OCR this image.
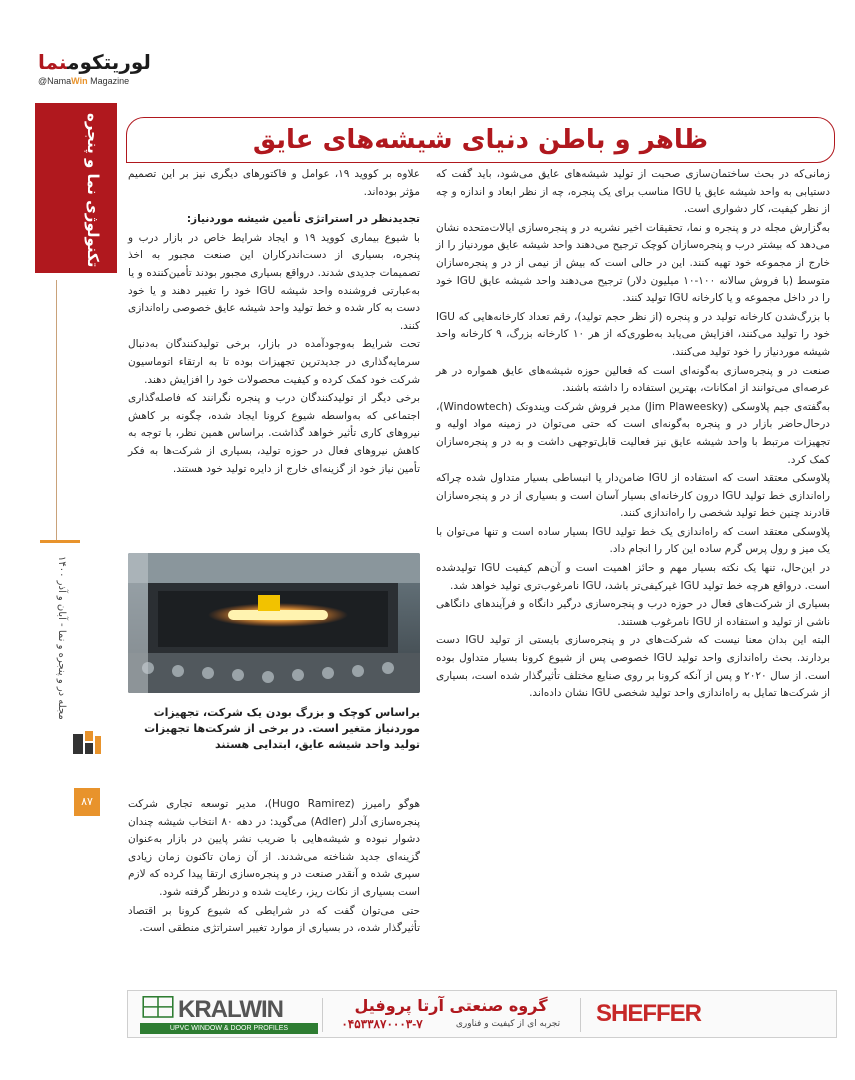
لوریتکومنما
@NamaWin Magazine
تکنولوژی نما و پنجره
مجله در و پنجره و نما - آبان و آذر ۱۴۰۰
۸۷
ظاهر و باطن دنیای شیشه‌های عایق

زمانی‌که در بحث ساختمان‌سازی صحبت از تولید شیشه‌های عایق می‌شود، باید گفت که دستیابی به واحد شیشه عایق یا IGU مناسب برای یک پنجره، چه از نظر ابعاد و اندازه و چه از نظر کیفیت، کار دشواری است.

به‌گزارش مجله در و پنجره و نما، تحقیقات اخیر نشریه در و پنجره‌سازی ایالات‌متحده نشان می‌دهد که بیشتر درب و پنجره‌سازان کوچک ترجیح می‌دهند واحد شیشه عایق موردنیاز را از خارج از مجموعه خود تهیه کنند. این در حالی است که بیش از نیمی از در و پنجره‌سازان متوسط (با فروش سالانه ۱۰۰-۱۰ میلیون دلار) ترجیح می‌دهند واحد شیشه عایق IGU خود را در داخل مجموعه و یا کارخانه IGU تولید کنند.

با بزرگ‌شدن کارخانه تولید در و پنجره (از نظر حجم تولید)، رقم تعداد کارخانه‌هایی که IGU خود را تولید می‌کنند، افزایش می‌یابد به‌طوری‌که از هر ۱۰ کارخانه بزرگ، ۹ کارخانه واحد شیشه موردنیاز را خود تولید می‌کنند.

صنعت در و پنجره‌سازی به‌گونه‌ای است که فعالین حوزه شیشه‌های عایق همواره در هر عرصه‌ای می‌توانند از امکانات، بهترین استفاده را داشته باشند.

به‌گفته‌ی جیم پلاوسکی (Jim Plaweesky) مدیر فروش شرکت ویندوتک (Windowtech)، درحال‌حاضر بازار در و پنجره به‌گونه‌ای است که حتی می‌توان در زمینه مواد اولیه و تجهیزات مرتبط با واحد شیشه عایق نیز فعالیت قابل‌توجهی داشت و به در و پنجره‌سازان کمک کرد.

پلاوسکی معتقد است که استفاده از IGU ضامن‌دار یا انبساطی بسیار متداول شده چراکه راه‌اندازی خط تولید IGU درون کارخانه‌ای بسیار آسان است و بسیاری از در و پنجره‌سازان قادرند چنین خط تولید شخصی را راه‌اندازی کنند.

پلاوسکی معتقد است که راه‌اندازی یک خط تولید IGU بسیار ساده است و تنها می‌توان با یک میز و رول پرس گرم ساده این کار را انجام داد.

در این‌حال، تنها یک نکته بسیار مهم و حائز اهمیت است و آن‌هم کیفیت IGU تولیدشده است. درواقع هرچه خط تولید IGU غیرکیفی‌تر باشد، IGU نامرغوب‌تری تولید خواهد شد.

بسیاری از شرکت‌های فعال در حوزه درب و پنجره‌سازی درگیر دانگاه و فرآیندهای دانگاهی ناشی از تولید و استفاده از IGU نامرغوب هستند.

البته این بدان معنا نیست که شرکت‌های در و پنجره‌سازی بایستی از تولید IGU دست بردارند. بحث راه‌اندازی واحد تولید IGU خصوصی پس از شیوع کرونا بسیار متداول بوده است. از سال ۲۰۲۰ و پس از آنکه کرونا بر روی صنایع مختلف تأثیرگذار شده است، بسیاری از شرکت‌ها تمایل به راه‌اندازی واحد تولید شخصی IGU نشان داده‌اند.

علاوه بر کووید ۱۹، عوامل و فاکتورهای دیگری نیز بر این تصمیم مؤثر بوده‌اند.

تجدیدنظر در استراتژی تأمین شیشه موردنیاز:

با شیوع بیماری کووید ۱۹ و ایجاد شرایط خاص در بازار درب و پنجره، بسیاری از دست‌اندرکاران این صنعت مجبور به اخذ تصمیمات جدیدی شدند. درواقع بسیاری مجبور بودند تأمین‌کننده و یا به‌عبارتی فروشنده واحد شیشه IGU خود را تغییر دهند و یا خود دست به کار شده و خط تولید واحد شیشه عایق خصوصی راه‌اندازی کنند.

تحت شرایط به‌وجودآمده در بازار، برخی تولیدکنندگان به‌دنبال سرمایه‌گذاری در جدیدترین تجهیزات بوده تا به ارتقاء اتوماسیون شرکت خود کمک کرده و کیفیت محصولات خود را افزایش دهند.

برخی دیگر از تولیدکنندگان درب و پنجره نگرانند که فاصله‌گذاری اجتماعی که به‌واسطه شیوع کرونا ایجاد شده، چگونه بر کاهش نیروهای کاری تأثیر خواهد گذاشت. براساس همین نظر، با توجه به کاهش نیروهای فعال در حوزه تولید، بسیاری از شرکت‌ها به فکر تأمین نیاز خود از گزینه‌ای خارج از دایره تولید خود هستند.

براساس کوچک و بزرگ بودن یک شرکت، تجهیزات موردنیاز متغیر است. در برخی از شرکت‌ها تجهیزات تولید واحد شیشه عایق، ابتدایی هستند

هوگو رامیرز (Hugo Ramirez)، مدیر توسعه تجاری شرکت پنجره‌سازی آدلر (Adler) می‌گوید: در دهه ۸۰ انتخاب شیشه چندان دشوار نبوده و شیشه‌هایی با ضریب نشر پایین در بازار به‌عنوان گزینه‌ای جدید شناخته می‌شدند. از آن زمان تاکنون زمان زیادی سپری شده و آنقدر صنعت در و پنجره‌سازی ارتقا پیدا کرده که لازم است بسیاری از نکات ریز، رعایت شده و درنظر گرفته شود.

حتی می‌توان گفت که در شرایطی که شیوع کرونا بر اقتصاد تأثیرگذار شده، در بسیاری از موارد تغییر استراتژی منطقی است.

KRALWIN
UPVC WINDOW & DOOR PROFILES
گروه صنعتی آرتا پروفیل
۰۴۵۳۳۸۷۰۰۰۳-۷	تجربه ای از کیفیت و فناوری	SHEFFER
